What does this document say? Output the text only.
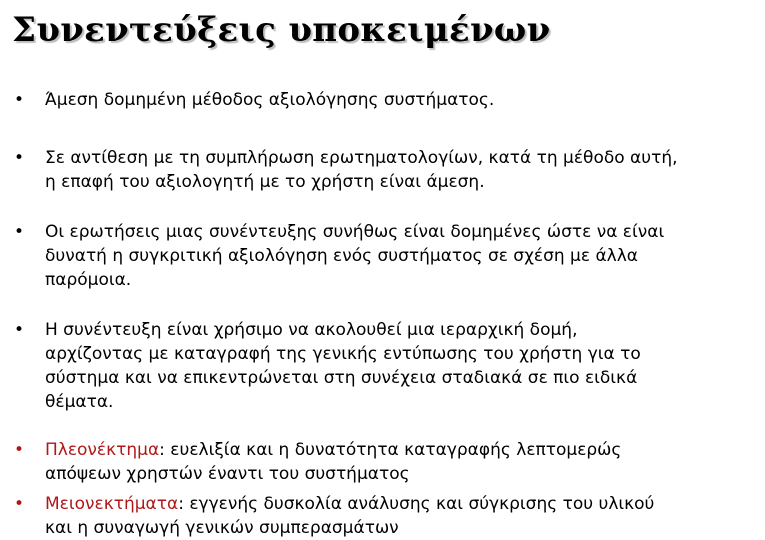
Συνεντεύξεις υποκειμένων
•	Άμεση δομημένη μέθοδος αξιολόγησης συστήματος.
•	Σε αντίθεση με τη συμπλήρωση ερωτηματολογίων, κατά τη μέθοδο αυτή,
η επαφή του αξιολογητή με το χρήστη είναι άμεση.
•	Οι ερωτήσεις μιας συνέντευξης συνήθως είναι δομημένες ώστε να είναι
δυνατή η συγκριτική αξιολόγηση ενός συστήματος σε σχέση με άλλα
παρόμοια.
•	Η συνέντευξη είναι χρήσιμο να ακολουθεί μια ιεραρχική δομή,
αρχίζοντας με καταγραφή της γενικής εντύπωσης του χρήστη για το
σύστημα και να επικεντρώνεται στη συνέχεια σταδιακά σε πιο ειδικά
θέματα.
•	Πλεονέκτημα: ευελιξία και η δυνατότητα καταγραφής λεπτομερώς
απόψεων χρηστών έναντι του συστήματος
•	Μειονεκτήματα: εγγενής δυσκολία ανάλυσης και σύγκρισης του υλικού
και η συναγωγή γενικών συμπερασμάτων
